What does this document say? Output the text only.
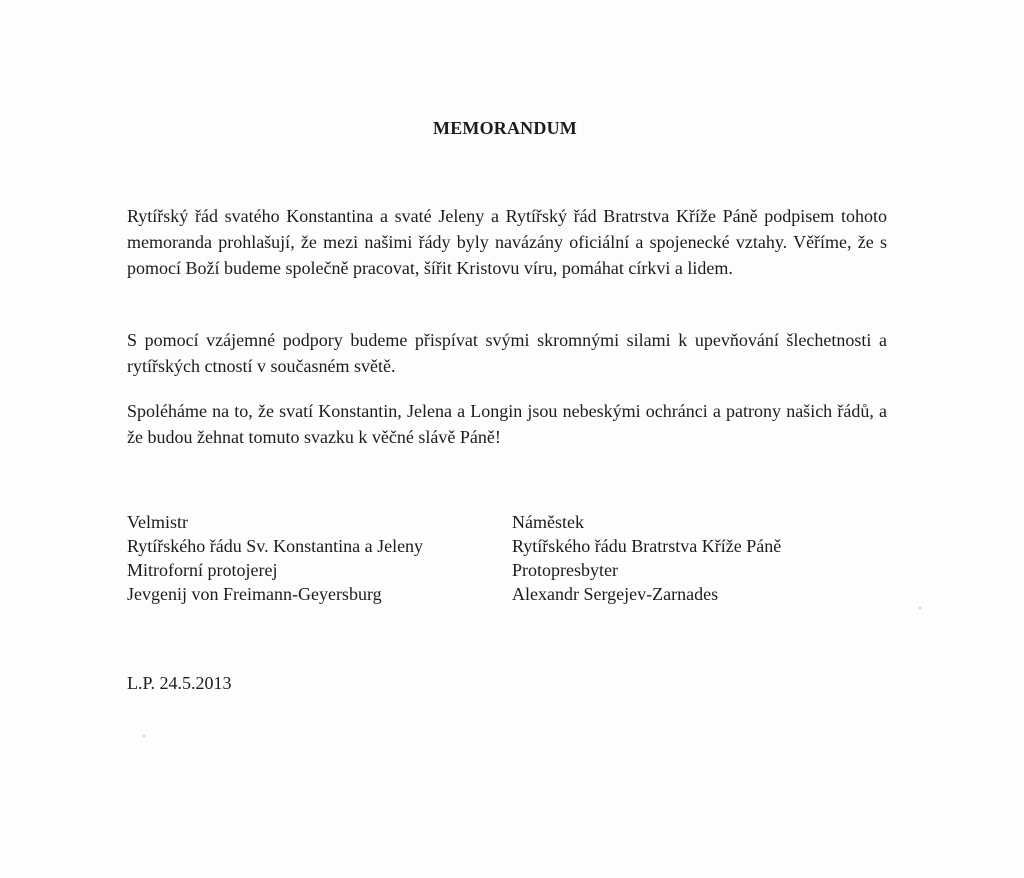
MEMORANDUM
Rytířský řád svatého Konstantina a svaté Jeleny a Rytířský řád Bratrstva Kříže Páně podpisem tohoto memoranda prohlašují, že mezi našimi řády byly navázány oficiální a spojenecké vztahy. Věříme, že s pomocí Boží budeme společně pracovat, šířit Kristovu víru, pomáhat církvi a lidem.
S pomocí vzájemné podpory budeme přispívat svými skromnými silami k upevňování šlechetnosti a rytířských ctností v současném světě.
Spoléháme na to, že svatí Konstantin, Jelena a Longin jsou nebeskými ochránci a patrony našich řádů, a že budou žehnat tomuto svazku k věčné slávě Páně!
Velmistr
Rytířského řádu Sv. Konstantina a Jeleny
Mitroforní protojerej
Jevgenij von Freimann-Geyersburg
Náměstek
Rytířského řádu Bratrstva Kříže Páně
Protopresbyter
Alexandr Sergejev-Zarnades
L.P. 24.5.2013
